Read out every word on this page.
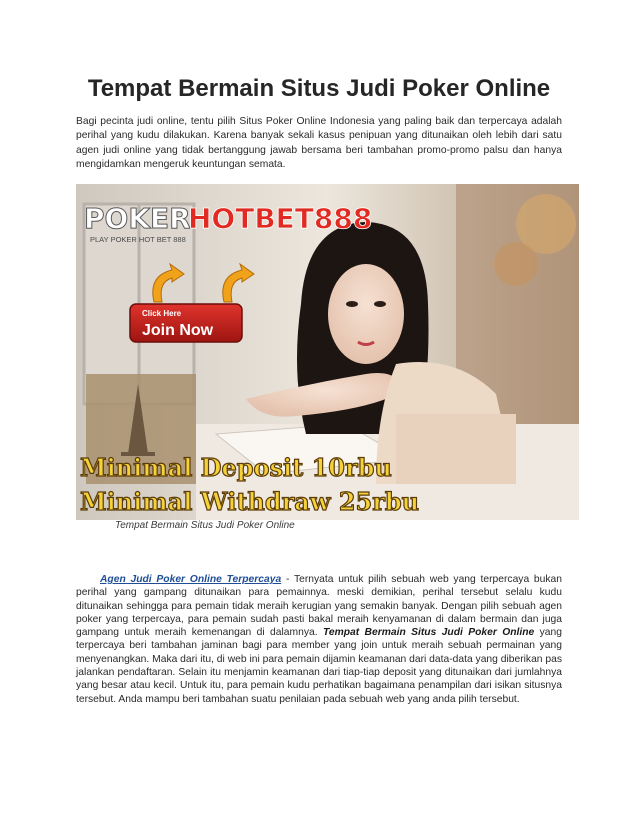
Tempat Bermain Situs Judi Poker Online

Bagi pecinta judi online, tentu pilih Situs Poker Online Indonesia yang paling baik dan terpercaya adalah perihal yang kudu dilakukan. Karena banyak sekali kasus penipuan yang ditunaikan oleh lebih dari satu agen judi online yang tidak bertanggung jawab bersama beri tambahan promo-promo palsu dan hanya mengidamkan mengeruk keuntungan semata.

POKER
HOTBET888
PLAY POKER HOT BET 888
Click Here
Join Now
Minimal Deposit 10rbu
Minimal Withdraw 25rbu
Tempat Bermain Situs Judi Poker Online

Agen Judi Poker Online Terpercaya - Ternyata untuk pilih sebuah web yang terpercaya bukan perihal yang gampang ditunaikan para pemainnya. meski demikian, perihal tersebut selalu kudu ditunaikan sehingga para pemain tidak meraih kerugian yang semakin banyak. Dengan pilih sebuah agen poker yang terpercaya, para pemain sudah pasti bakal meraih kenyamanan di dalam bermain dan juga gampang untuk meraih kemenangan di dalamnya. Tempat Bermain Situs Judi Poker Online yang terpercaya beri tambahan jaminan bagi para member yang join untuk meraih sebuah permainan yang menyenangkan. Maka dari itu, di web ini para pemain dijamin keamanan dari data-data yang diberikan pas jalankan pendaftaran. Selain itu menjamin keamanan dari tiap-tiap deposit yang ditunaikan dari jumlahnya yang besar atau kecil. Untuk itu, para pemain kudu perhatikan bagaimana penampilan dari isikan situsnya tersebut. Anda mampu beri tambahan suatu penilaian pada sebuah web yang anda pilih tersebut.
